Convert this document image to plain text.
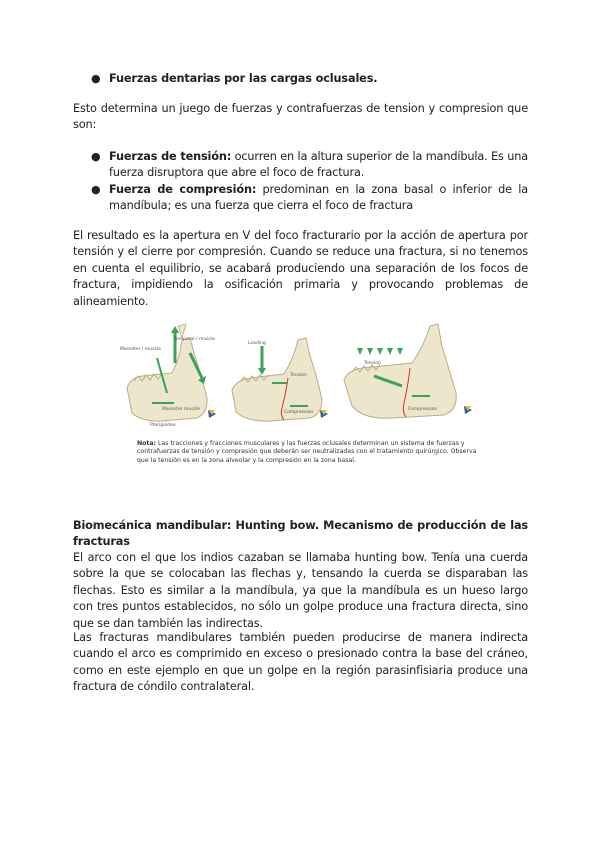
● Fuerzas dentarias por las cargas oclusales.
Esto determina un juego de fuerzas y contrafuerzas de tension y compresion que son:
● Fuerzas de tensión: ocurren en la altura superior de la mandíbula. Es una fuerza disruptora que abre el foco de fractura.
● Fuerza de compresión: predominan en la zona basal o inferior de la mandíbula; es una fuerza que cierra el foco de fractura
El resultado es la apertura en V del foco fracturario por la acción de apertura por tensión y el cierre por compresión. Cuando se reduce una fractura, si no tenemos en cuenta el equilibrio, se acabará produciendo una separación de los focos de fractura, impidiendo la osificación primaria y provocando problemas de alineamiento.
Masseter / muscle
Temporal / muscle
Masseter muscle
Pterigoideo
Loading
Tension
Compression
Tension
Compression
Nota: Las tracciones y fracciones musculares y las fuerzas oclusales determinan un sistema de fuerzas y contrafuerzas de tensión y compresión que deberán ser neutralizadas con el tratamiento quirúrgico. Observa que la tensión es en la zona alveolar y la compresión en la zona basal.
Biomecánica mandibular: Hunting bow. Mecanismo de producción de las fracturas
El arco con el que los indios cazaban se llamaba hunting bow. Tenía una cuerda sobre la que se colocaban las flechas y, tensando la cuerda se disparaban las flechas. Esto es similar a la mandíbula, ya que la mandíbula es un hueso largo con tres puntos establecidos, no sólo un golpe produce una fractura directa, sino que se dan también las indirectas.
Las fracturas mandibulares también pueden producirse de manera indirecta cuando el arco es comprimido en exceso o presionado contra la base del cráneo, como en este ejemplo en que un golpe en la región parasinfisiaria produce una fractura de cóndilo contralateral.
